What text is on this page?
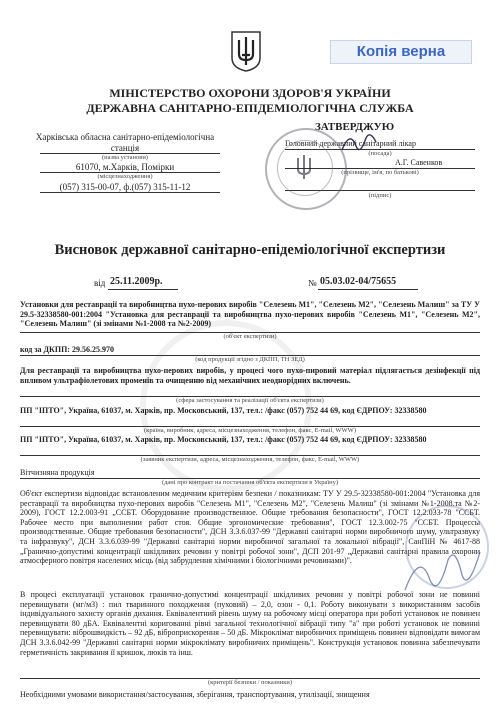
Копія верна
МІНІСТЕРСТВО ОХОРОНИ ЗДОРОВ'Я УКРАЇНИ
ДЕРЖАВНА САНІТАРНО-ЕПІДЕМІОЛОГІЧНА СЛУЖБА
Харківська обласна санітарно-епідеміологічна
станція
(назва установи)
61070, м.Харків, Помірки
(місцезнаходження)
(057) 315-00-07, ф.(057) 315-11-12
ЗАТВЕРДЖУЮ
Головний державний санітарний лікар
(посада)
А.Г. Савенков
(прізвище, ім'я, по батькові)
(підпис)
Висновок державної санітарно-епідеміологічної експертизи
від 25.11.2009р.	№ 05.03.02-04/75655
Установки для реставрації та виробництва пухо-перових виробів "Селезень М1", "Селезень М2", "Селезень Малиш" за ТУ У 29.5-32338580-001:2004 "Установка для реставрації та виробництва пухо-перових виробів "Селезень М1", "Селезень М2", "Селезень Малиш" (зі змінами №1-2008 та №2-2009)
(об'єкт експертизи)
код за ДКПП: 29.56.25.970
(код продукції згідно з ДКПП, ТН ЗЕД)
Для реставрації та виробництва пухо-перових виробів, у процесі чого пухо-пировий матеріал підлягається дезінфекції під впливом ультрафіолетових променів та очищенню від механічних неоднорідних включень.
(сфера застосування та реалізації об'єкта експертизи)
ПП "ІПТО", Україна, 61037, м. Харків, пр. Московський, 137, тел.: /факс (057) 752 44 69, код ЄДРПОУ: 32338580
(країна, виробник, адреса, місцезнаходження, телефон, факс, E-mail, WWW)
ПП "ІПТО", Україна, 61037, м. Харків, пр. Московський, 137, тел.: /факс (057) 752 44 69, код ЄДРПОУ: 32338580
(заявник експертизи, адреса, місцезнаходження, телефон, факс, E-mail, WWW)
Вітчизняна продукція
(дані про контракт на постачання об'єкта експертизи в Україну)
Об'єкт експертизи відповідає встановленим медичним критеріям безпеки / показникам: ТУ У 29.5-32338580-001:2004 "Установка для реставрації та виробництва пухо-перових виробів "Селезень М1", "Селезень М2", "Селезень Малиш" (зі змінами №1-2008.та №2-2009), ГОСТ 12.2.003-91 „ССБТ. Оборудование производственное. Общие требования безопасности", ГОСТ 12.2.033-78 "ССБТ. Рабочее место при выполнении работ стоя. Общие эргономические требования", ГОСТ 12.3.002-75 "ССБТ. Процессы производственные. Общие требования безопасности", ДСН 3.3.6.037-99 "Державні санітарні норми виробничого шуму, ультразвуку та інфразвуку", ДСН 3.3.6.039-99 "Державні санітарні норми виробничої загальної та локальної вібрації", СанПіН № 4617-88 „Гранично-допустимі концентрації шкідливих речовин у повітрі робочої зони", ДСП 201-97 „Державні санітарні правила охорони атмосферного повітря населених місць (від забрудлення хімічними і біологічними речовинами)".
В процесі експлуатації установок гранично-допустимі концентрації шкідливих речовин у повітрі робочої зони не повинні перевищувати (мг/мЗ) : пил тваринного походження (пуховий) – 2,0, озон - 0,1. Роботу виконувати з використанням засобів індивідуального захисту органів дихання. Еквівалентний рівень шуму на робочому місці оператора при роботі установок не повинен перевищувати 80 дБА. Еквівалентні коригованні рівні загальної технологічної вібрації типу "а" при роботі установок не повинні перевищувати: віброшвидкість – 92 дБ, віброприскорення – 50 дБ. Мікроклімат виробничих приміщень повинен відповідати вимогам ДСН 3.3.6.042-99 "Державні санітарні норми мікроклімату виробничих приміщень". Конструкція установок повинна забезпечувати герметичність закривання її кришок, люків та інш.
(критерії безпеки / показники)
Необхідними умовами використання/застосування, зберігання, транспортування, утилізації, знищення
